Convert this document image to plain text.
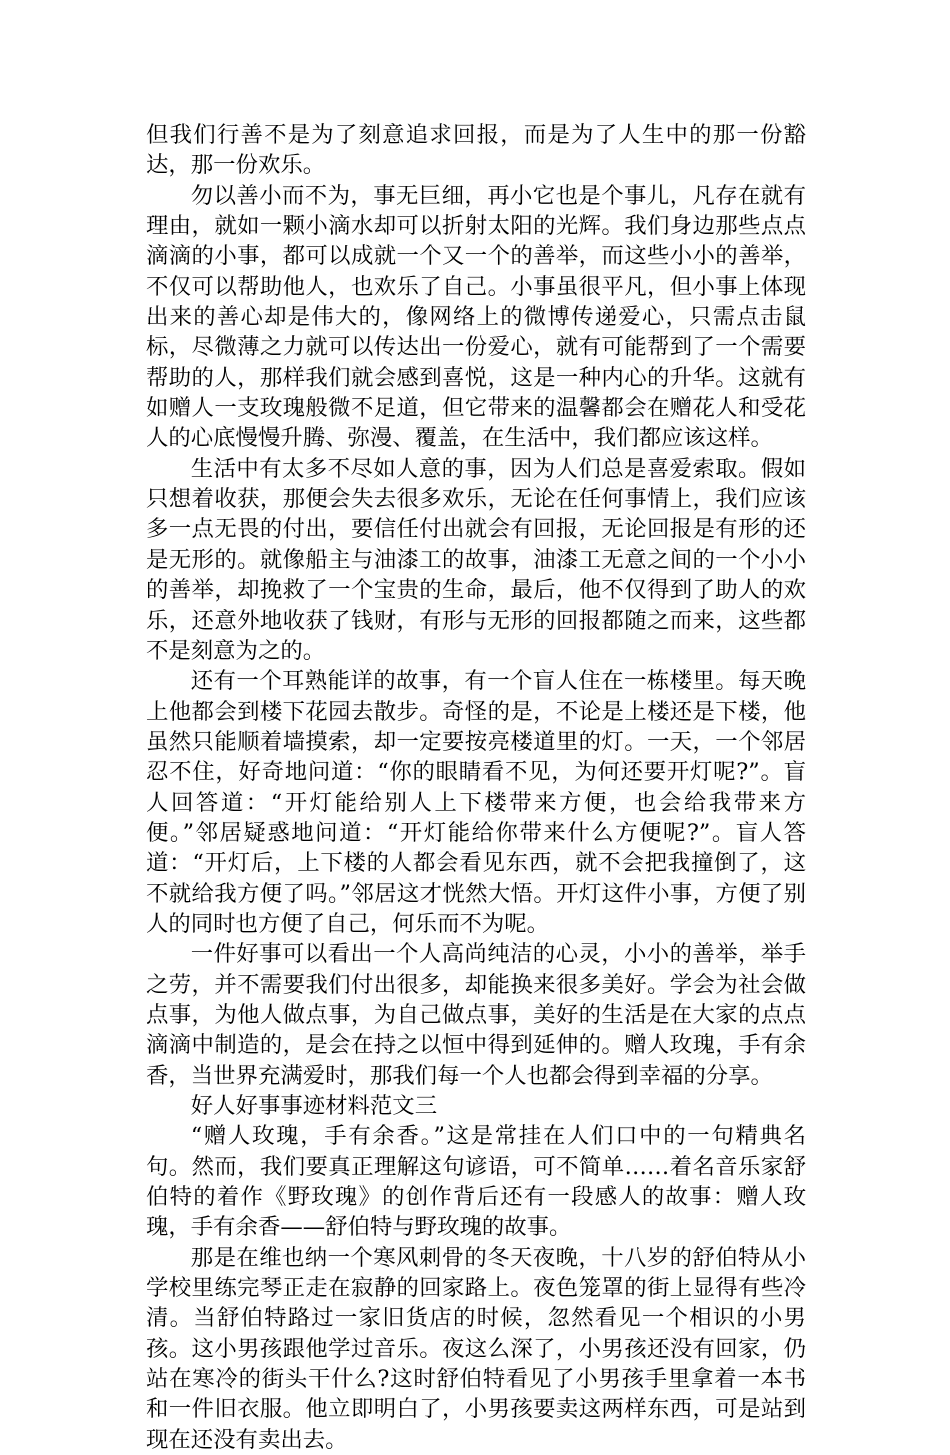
但我们行善不是为了刻意追求回报，而是为了人生中的那一份豁达，那一份欢乐。

勿以善小而不为，事无巨细，再小它也是个事儿，凡存在就有理由，就如一颗小滴水却可以折射太阳的光辉。我们身边那些点点滴滴的小事，都可以成就一个又一个的善举，而这些小小的善举，不仅可以帮助他人，也欢乐了自己。小事虽很平凡，但小事上体现出来的善心却是伟大的，像网络上的微博传递爱心，只需点击鼠标，尽微薄之力就可以传达出一份爱心，就有可能帮到了一个需要帮助的人，那样我们就会感到喜悦，这是一种内心的升华。这就有如赠人一支玫瑰般微不足道，但它带来的温馨都会在赠花人和受花人的心底慢慢升腾、弥漫、覆盖，在生活中，我们都应该这样。

生活中有太多不尽如人意的事，因为人们总是喜爱索取。假如只想着收获，那便会失去很多欢乐，无论在任何事情上，我们应该多一点无畏的付出，要信任付出就会有回报，无论回报是有形的还是无形的。就像船主与油漆工的故事，油漆工无意之间的一个小小的善举，却挽救了一个宝贵的生命，最后，他不仅得到了助人的欢乐，还意外地收获了钱财，有形与无形的回报都随之而来，这些都不是刻意为之的。

还有一个耳熟能详的故事，有一个盲人住在一栋楼里。每天晚上他都会到楼下花园去散步。奇怪的是，不论是上楼还是下楼，他虽然只能顺着墙摸索，却一定要按亮楼道里的灯。一天，一个邻居忍不住，好奇地问道：“你的眼睛看不见，为何还要开灯呢?”。盲人回答道：“开灯能给别人上下楼带来方便，也会给我带来方便。”邻居疑惑地问道：“开灯能给你带来什么方便呢?”。盲人答道：“开灯后，上下楼的人都会看见东西，就不会把我撞倒了，这不就给我方便了吗。”邻居这才恍然大悟。开灯这件小事，方便了别人的同时也方便了自己，何乐而不为呢。

一件好事可以看出一个人高尚纯洁的心灵，小小的善举，举手之劳，并不需要我们付出很多，却能换来很多美好。学会为社会做点事，为他人做点事，为自己做点事，美好的生活是在大家的点点滴滴中制造的，是会在持之以恒中得到延伸的。赠人玫瑰，手有余香，当世界充满爱时，那我们每一个人也都会得到幸福的分享。

好人好事事迹材料范文三

“赠人玫瑰，手有余香。”这是常挂在人们口中的一句精典名句。然而，我们要真正理解这句谚语，可不简单……着名音乐家舒伯特的着作《野玫瑰》的创作背后还有一段感人的故事：赠人玫瑰，手有余香——舒伯特与野玫瑰的故事。

那是在维也纳一个寒风刺骨的冬天夜晚，十八岁的舒伯特从小学校里练完琴正走在寂静的回家路上。夜色笼罩的街上显得有些冷清。当舒伯特路过一家旧货店的时候，忽然看见一个相识的小男孩。这小男孩跟他学过音乐。夜这么深了，小男孩还没有回家，仍站在寒冷的街头干什么?这时舒伯特看见了小男孩手里拿着一本书和一件旧衣服。他立即明白了，小男孩要卖这两样东西，可是站到现在还没有卖出去。
